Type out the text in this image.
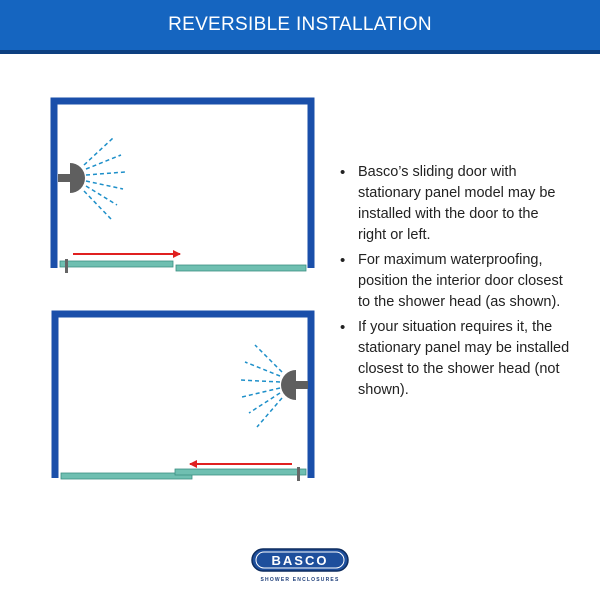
REVERSIBLE INSTALLATION
• Basco’s sliding door with stationary panel model may be installed with the door to the right or left.
• For maximum waterproofing, position the interior door closest to the shower head (as shown).
• If your situation requires it, the stationary panel may be installed closest to the shower head (not shown).
BASCO
SHOWER ENCLOSURES
